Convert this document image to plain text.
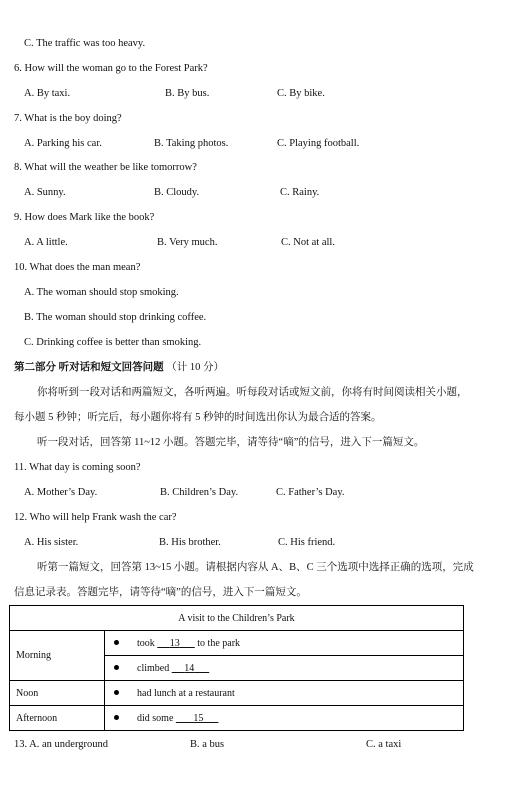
C. The traffic was too heavy.
6. How will the woman go to the Forest Park?
A. By taxi.	B. By bus.	C. By bike.
7. What is the boy doing?
A. Parking his car.	B. Taking photos.	C. Playing football.
8. What will the weather be like tomorrow?
A. Sunny.	B. Cloudy.	C. Rainy.
9. How does Mark like the book?
A. A little.	B. Very much.	C. Not at all.
10. What does the man mean?
A. The woman should stop smoking.
B. The woman should stop drinking coffee.
C. Drinking coffee is better than smoking.
第二部分 听对话和短文回答问题 （计 10 分）
你将听到一段对话和两篇短文，各听两遍。听每段对话或短文前，你将有时间阅读相关小题，
每小题 5 秒钟；听完后，每小题你将有 5 秒钟的时间选出你认为最合适的答案。
听一段对话，回答第 11~12 小题。答题完毕，请等待“嘀”的信号，进入下一篇短文。
11. What day is coming soon?
A. Mother’s Day.	B. Children’s Day.	C. Father’s Day.
12. Who will help Frank wash the car?
A. His sister.	B. His brother.	C. His friend.
听第一篇短文，回答第 13~15 小题。请根据内容从 A、B、C 三个选项中选择正确的选项，完成
信息记录表。答题完毕，请等待“嘀”的信号，进入下一篇短文。
A visit to the Children’s Park	
Morning	took 13 to the park
	climbed 14
Noon	had lunch at a restaurant
Afternoon	did some 15
13. A. an underground	B. a bus	C. a taxi
